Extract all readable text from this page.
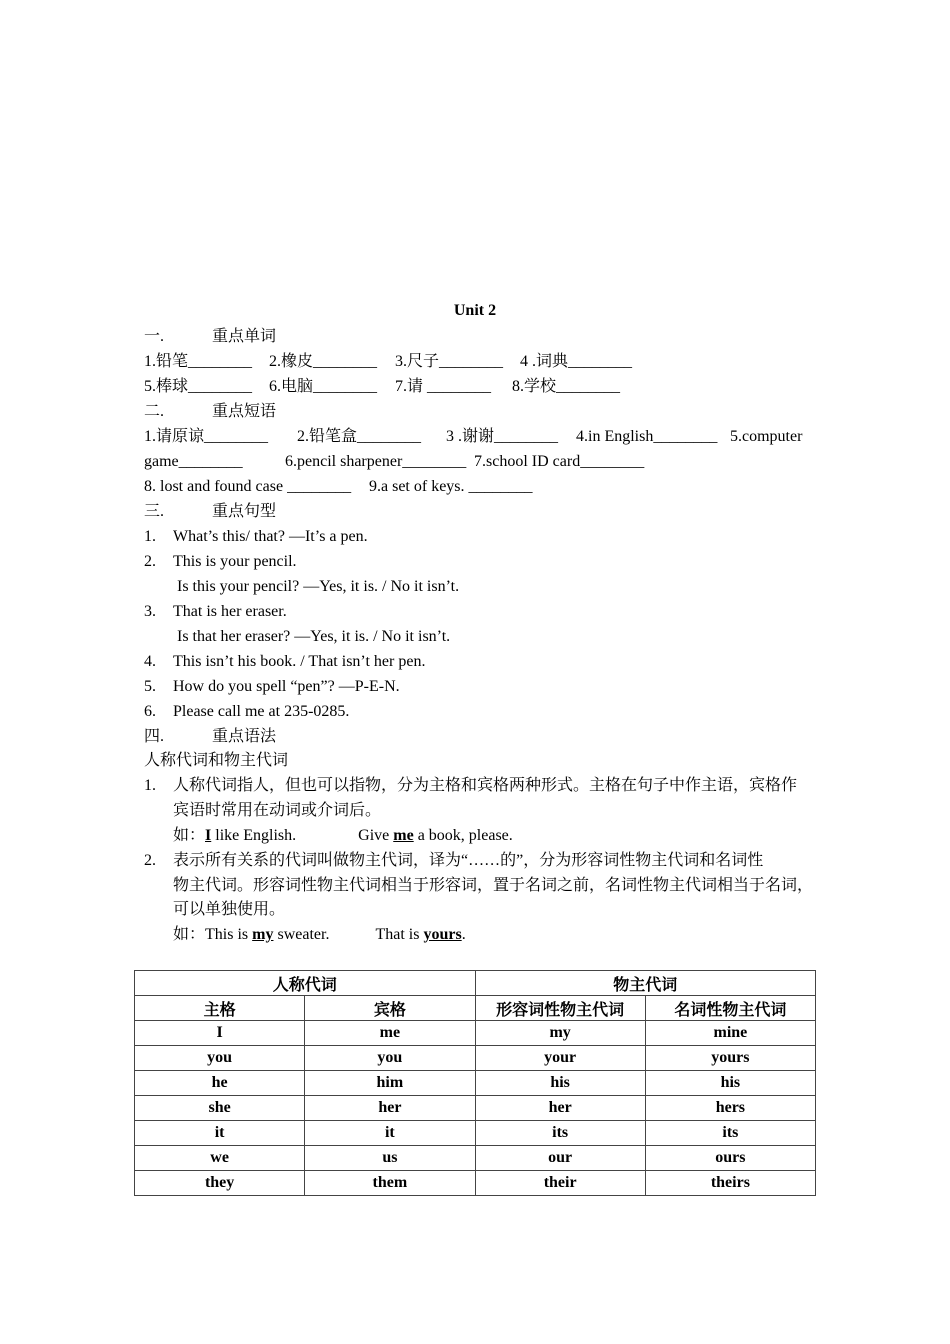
Unit 2
一.	重点单词
1.铅笔________ 2.橡皮________ 3.尺子________ 4 .词典________
5.棒球________ 6.电脑________ 7.请 ________ 8.学校________
二.	重点短语
1.请原谅________ 2.铅笔盒________ 3 .谢谢________ 4.in English________ 5.computer
game________	6.pencil sharpener________ 7.school ID card________
8. lost and found case ________ 9.a set of keys. ________
三.	重点句型
1. What’s this/ that? —It’s a pen.
2. This is your pencil.
Is this your pencil? —Yes, it is. / No it isn’t.
3. That is her eraser.
Is that her eraser? —Yes, it is. / No it isn’t.
4. This isn’t his book. / That isn’t her pen.
5. How do you spell “pen”? —P-E-N.
6. Please call me at 235-0285.
四.	重点语法
人称代词和物主代词
1. 人称代词指人，但也可以指物，分为主格和宾格两种形式。主格在句子中作主语，宾格作
宾语时常用在动词或介词后。
如：I like English.	Give me a book, please.
2. 表示所有关系的代词叫做物主代词，译为“……的”，分为形容词性物主代词和名词性
物主代词。形容词性物主代词相当于形容词，置于名词之前，名词性物主代词相当于名词，
可以单独使用。
如：This is my sweater.	That is yours.
人称代词		物主代词	
主格	宾格	形容词性物主代词	名词性物主代词
I	me	my	mine
you	you	your	yours
he	him	his	his
she	her	her	hers
it	it	its	its
we	us	our	ours
they	them	their	theirs
